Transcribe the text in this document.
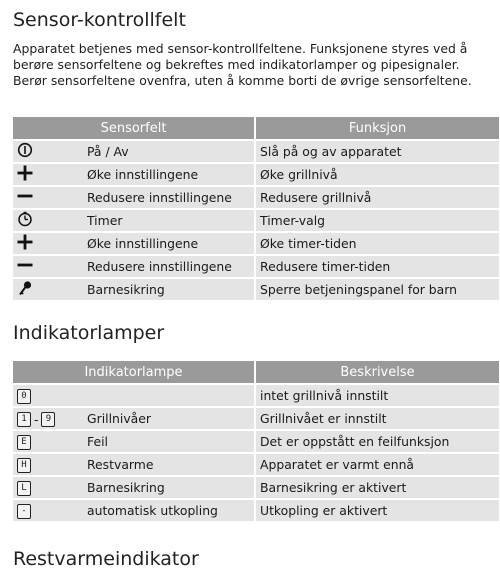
Sensor-kontrollfelt

Apparatet betjenes med sensor-kontrollfeltene. Funksjonene styres ved å berøre sensorfeltene og bekreftes med indikatorlamper og pipesignaler.

Berør sensorfeltene ovenfra, uten å komme borti de øvrige sensorfeltene.

Sensorfelt		Funksjon
	På / Av	Slå på og av apparatet
	Øke innstillingene	Øke grillnivå
	Redusere innstillingene	Redusere grillnivå
	Timer	Timer-valg
	Øke innstillingene	Øke timer-tiden
	Redusere innstillingene	Redusere timer-tiden
	Barnesikring	Sperre betjeningspanel for barn
Indikatorlamper
Indikatorlampe		Beskrivelse
0		intet grillnivå innstilt
1 - 9	Grillnivåer	Grillnivået er innstilt
E	Feil	Det er oppstått en feilfunksjon
H	Restvarme	Apparatet er varmt ennå
L	Barnesikring	Barnesikring er aktivert
-	automatisk utkopling	Utkopling er aktivert
Restvarmeindikator
